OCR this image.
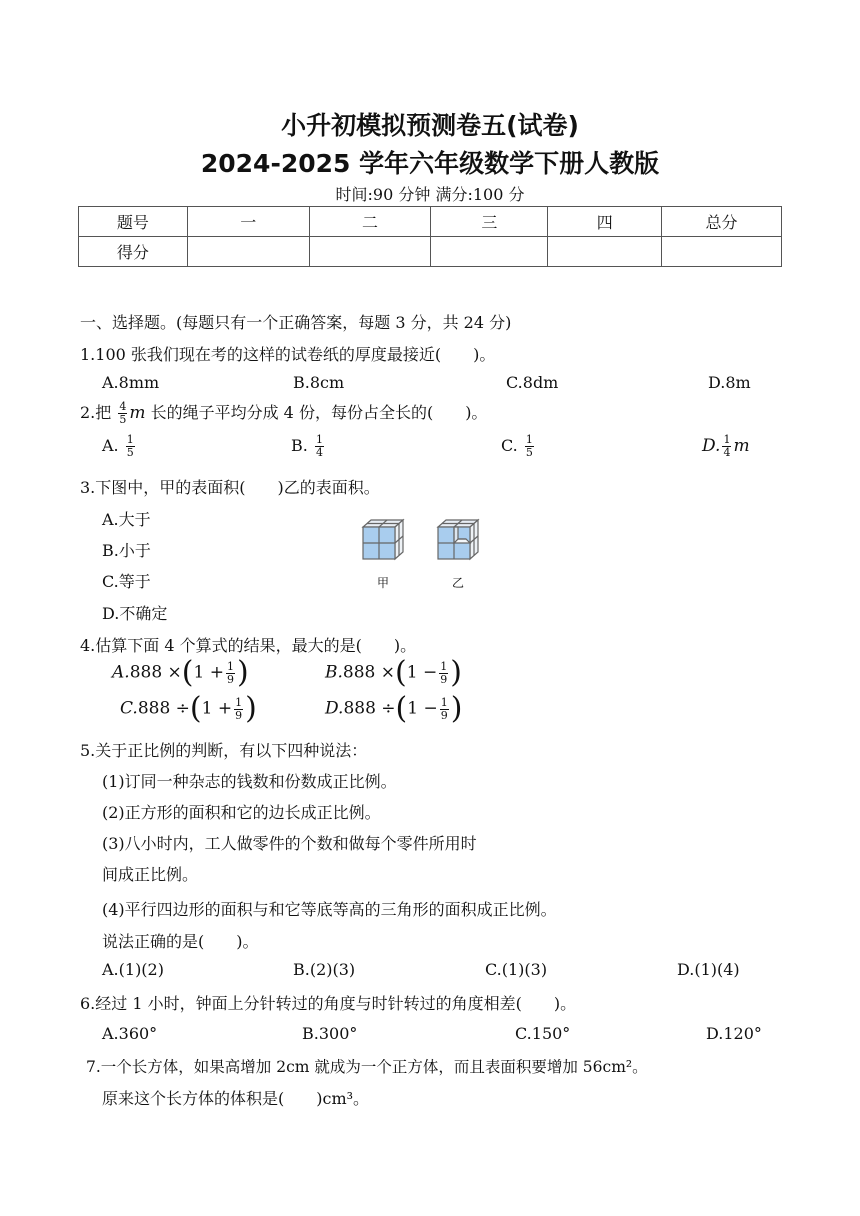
小升初模拟预测卷五(试卷)
2024-2025 学年六年级数学下册人教版
时间:90 分钟 满分:100 分
题号	一	二	三	四	总分
得分					
一、选择题。(每题只有一个正确答案，每题 3 分，共 24 分)
1.100 张我们现在考的这样的试卷纸的厚度最接近(　　)。
A.8mm	B.8cm	C.8dm	D.8m
2.把 $\frac{4}{5}$ m 长的绳子平均分成 4 份，每份占全长的(　　)。
A. $\frac{1}{5}$	B. $\frac{1}{4}$	C. $\frac{1}{5}$	D. $\frac{1}{4}$ m
3.下图中，甲的表面积(　　)乙的表面积。
A.大于
B.小于
C.等于
D.不确定
甲	乙
4.估算下面 4 个算式的结果，最大的是(　　)。
$A.888 \times(1 + \frac{1}{9}$ )	$B.888 \times(1 - \frac{1}{9}$ )
$C.888 \div(1 + \frac{1}{9}$ )	$D.888 \div(1 - \frac{1}{9}$ )
5.关于正比例的判断，有以下四种说法：
(1)订同一种杂志的钱数和份数成正比例。
(2)正方形的面积和它的边长成正比例。
(3)八小时内，工人做零件的个数和做每个零件所用时
间成正比例。
(4)平行四边形的面积与和它等底等高的三角形的面积成正比例。
说法正确的是(　　)。
A.(1)(2)	B.(2)(3)	C.(1)(3)	D.(1)(4)
6.经过 1 小时，钟面上分针转过的角度与时针转过的角度相差(　　)。
A.360°	B.300°	C.150°	D.120°
7.一个长方体，如果高增加 2cm 就成为一个正方体，而且表面积要增加 56cm²。
原来这个长方体的体积是(　　)cm³。
